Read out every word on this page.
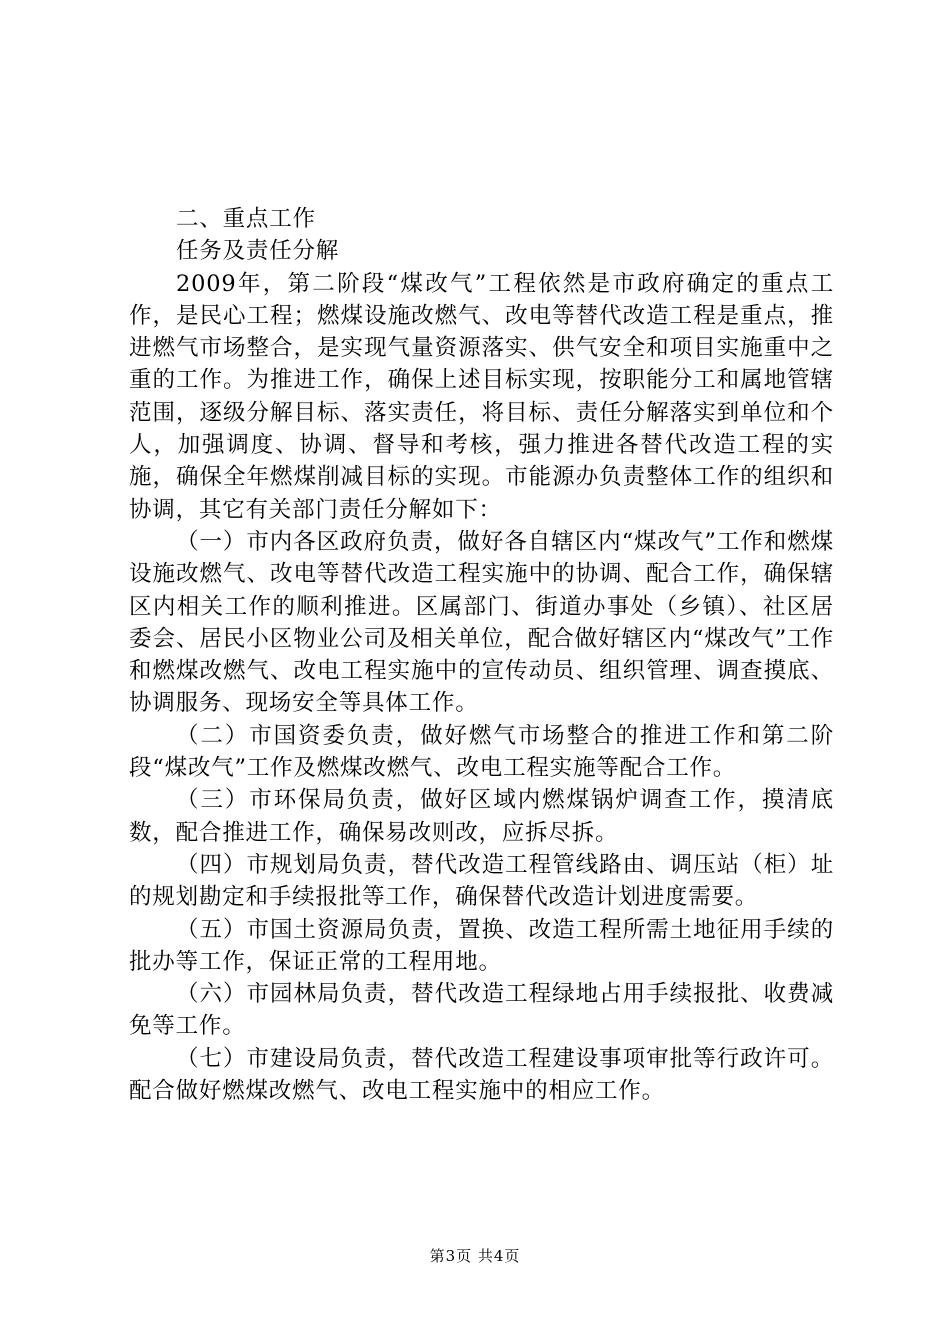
二、重点工作

任务及责任分解

2009年，第二阶段“煤改气”工程依然是市政府确定的重点工作，是民心工程；燃煤设施改燃气、改电等替代改造工程是重点，推进燃气市场整合，是实现气量资源落实、供气安全和项目实施重中之重的工作。为推进工作，确保上述目标实现，按职能分工和属地管辖范围，逐级分解目标、落实责任，将目标、责任分解落实到单位和个人，加强调度、协调、督导和考核，强力推进各替代改造工程的实施，确保全年燃煤削减目标的实现。市能源办负责整体工作的组织和协调，其它有关部门责任分解如下：

（一）市内各区政府负责，做好各自辖区内“煤改气”工作和燃煤设施改燃气、改电等替代改造工程实施中的协调、配合工作，确保辖区内相关工作的顺利推进。区属部门、街道办事处（乡镇）、社区居委会、居民小区物业公司及相关单位，配合做好辖区内“煤改气”工作和燃煤改燃气、改电工程实施中的宣传动员、组织管理、调查摸底、协调服务、现场安全等具体工作。

（二）市国资委负责，做好燃气市场整合的推进工作和第二阶段“煤改气”工作及燃煤改燃气、改电工程实施等配合工作。

（三）市环保局负责，做好区域内燃煤锅炉调查工作，摸清底数，配合推进工作，确保易改则改，应拆尽拆。

（四）市规划局负责，替代改造工程管线路由、调压站（柜）址的规划勘定和手续报批等工作，确保替代改造计划进度需要。

（五）市国土资源局负责，置换、改造工程所需土地征用手续的批办等工作，保证正常的工程用地。

（六）市园林局负责，替代改造工程绿地占用手续报批、收费减免等工作。

（七）市建设局负责，替代改造工程建设事项审批等行政许可。配合做好燃煤改燃气、改电工程实施中的相应工作。

第3页 共4页
